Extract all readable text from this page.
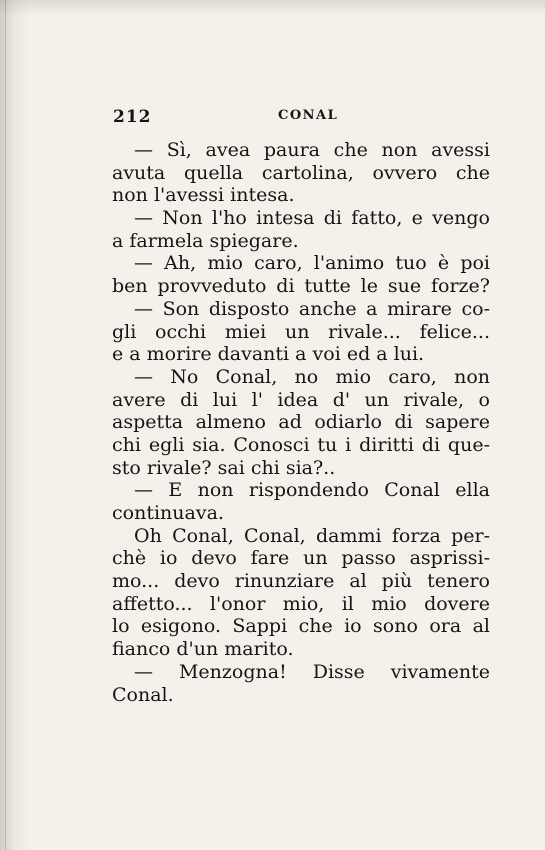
212	CONAL
— Sì, avea paura che non avessi
avuta quella cartolina, ovvero che
non l'avessi intesa.
— Non l'ho intesa di fatto, e vengo
a farmela spiegare.
— Ah, mio caro, l'animo tuo è poi
ben provveduto di tutte le sue forze?
— Son disposto anche a mirare co-
gli occhi miei un rivale... felice...
e a morire davanti a voi ed a lui.
— No Conal, no mio caro, non
avere di lui l' idea d' un rivale, o
aspetta almeno ad odiarlo di sapere
chi egli sia. Conosci tu i diritti di que-
sto rivale? sai chi sia?..
— E non rispondendo Conal ella
continuava.
Oh Conal, Conal, dammi forza per-
chè io devo fare un passo asprissi-
mo... devo rinunziare al più tenero
affetto... l'onor mio, il mio dovere
lo esigono. Sappi che io sono ora al
fianco d'un marito.
— Menzogna! Disse vivamente
Conal.
